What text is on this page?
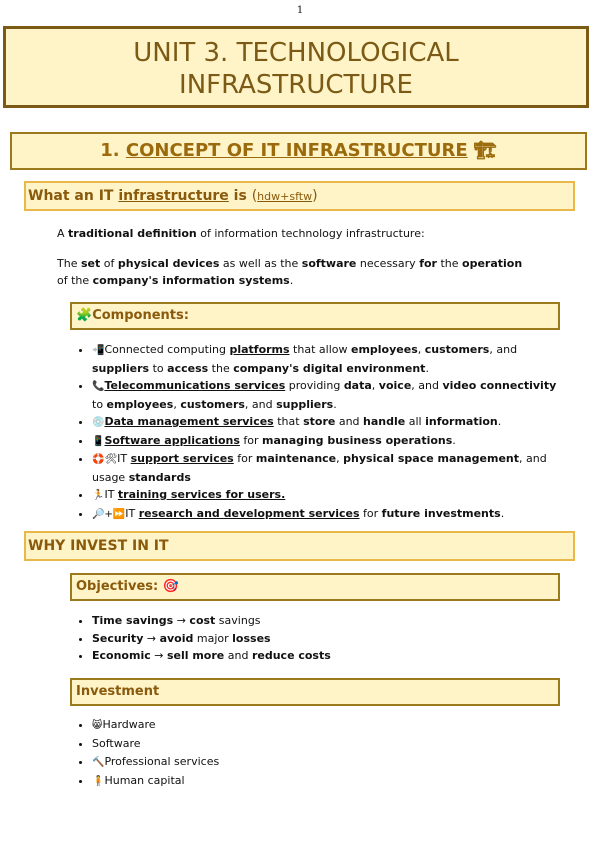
1
UNIT 3. TECHNOLOGICAL INFRASTRUCTURE
1. CONCEPT OF IT INFRASTRUCTURE 🏗
What an IT infrastructure is (hdw+sftw)
A traditional definition of information technology infrastructure:
The set of physical devices as well as the software necessary for the operation of the company's information systems.
🧩Components:
• 📲Connected computing platforms that allow employees, customers, and suppliers to access the company's digital environment.
• 📞Telecommunications services providing data, voice, and video connectivity to employees, customers, and suppliers.
• 💿Data management services that store and handle all information.
• 📱Software applications for managing business operations.
• 🛟🛠IT support services for maintenance, physical space management, and usage standards
• 🏃IT training services for users.
• 🔎+⏩IT research and development services for future investments.
WHY INVEST IN IT
Objectives: 🎯
• Time savings → cost savings
• Security → avoid major losses
• Economic → sell more and reduce costs
Investment
• 😸Hardware
• Software
• 🔨Professional services
• 🧍Human capital
